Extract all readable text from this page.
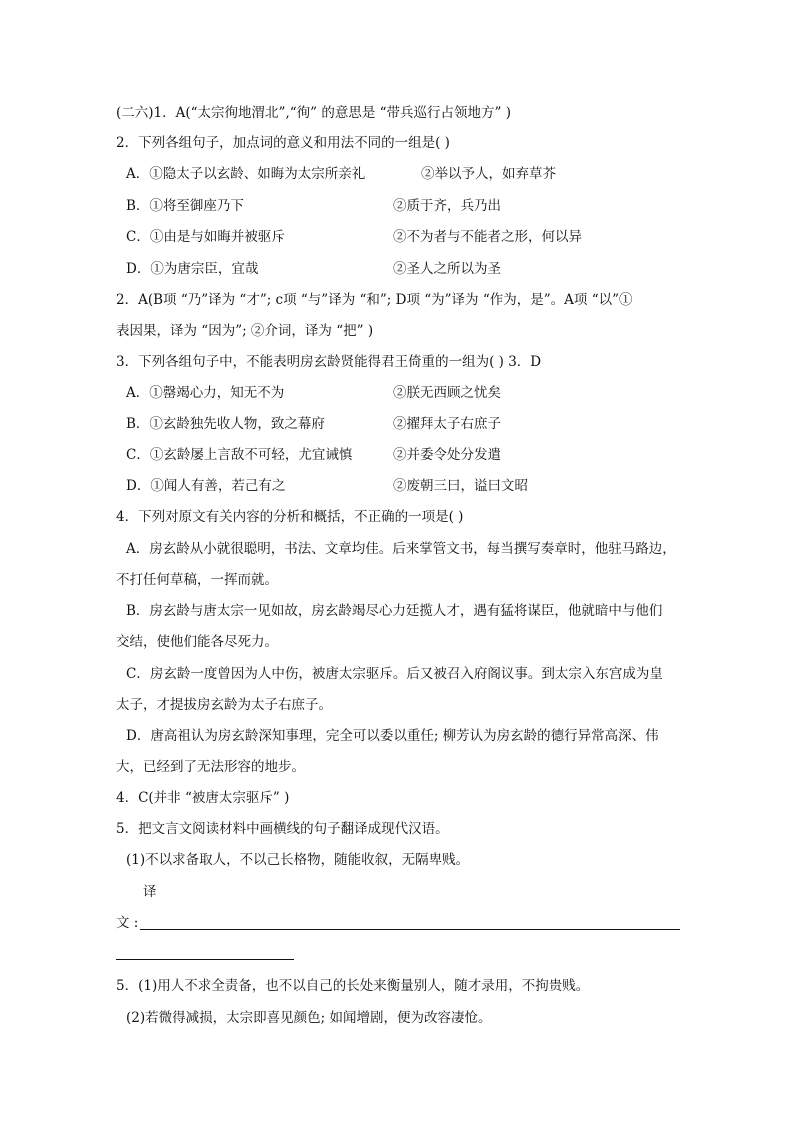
(二六)1．A(“太宗徇地渭北”,“徇” 的意思是 “带兵巡行占领地方” )
2．下列各组句子，加点词的意义和用法不同的一组是( )
A．①隐太子以玄龄、如晦为太宗所亲礼	②举以予人，如弃草芥
B．①将至御座乃下	②质于齐，兵乃出
C．①由是与如晦并被驱斥	②不为者与不能者之形，何以异
D．①为唐宗臣，宜哉	②圣人之所以为圣
2．A(B项 “乃”译为 “才”; c项 “与”译为 “和”; D项 “为”译为 “作为，是”。A项 “以”①
表因果，译为 “因为”; ②介词，译为 “把” )
3．下列各组句子中，不能表明房玄龄贤能得君王倚重的一组为( ) 3．D
A．①罄竭心力，知无不为	②朕无西顾之忧矣
B．①玄龄独先收人物，致之幕府	②擢拜太子右庶子
C．①玄龄屡上言敌不可轻，尤宜诫慎	②并委令处分发遣
D．①闻人有善，若己有之	②废朝三曰，谥曰文昭
4．下列对原文有关内容的分析和概括，不正确的一项是( )
A．房玄龄从小就很聪明，书法、文章均佳。后来掌管文书，每当撰写奏章时，他驻马路边，
不打任何草稿，一挥而就。
B．房玄龄与唐太宗一见如故，房玄龄竭尽心力廷揽人才，遇有猛将谋臣，他就暗中与他们
交结，使他们能各尽死力。
C．房玄龄一度曾因为人中伤，被唐太宗驱斥。后又被召入府阁议事。到太宗入东宫成为皇
太子，才提拔房玄龄为太子右庶子。
D．唐高祖认为房玄龄深知事理，完全可以委以重任; 柳芳认为房玄龄的德行异常高深、伟
大，已经到了无法形容的地步。
4．C(并非 “被唐太宗驱斥” )
5．把文言文阅读材料中画横线的句子翻译成现代汉语。
(1)不以求备取人，不以己长格物，随能收叙，无隔卑贱。
译
文 :
5．(1)用人不求全责备，也不以自己的长处来衡量别人，随才录用，不拘贵贱。
(2)若微得减损，太宗即喜见颜色; 如闻增剧，便为改容凄怆。
